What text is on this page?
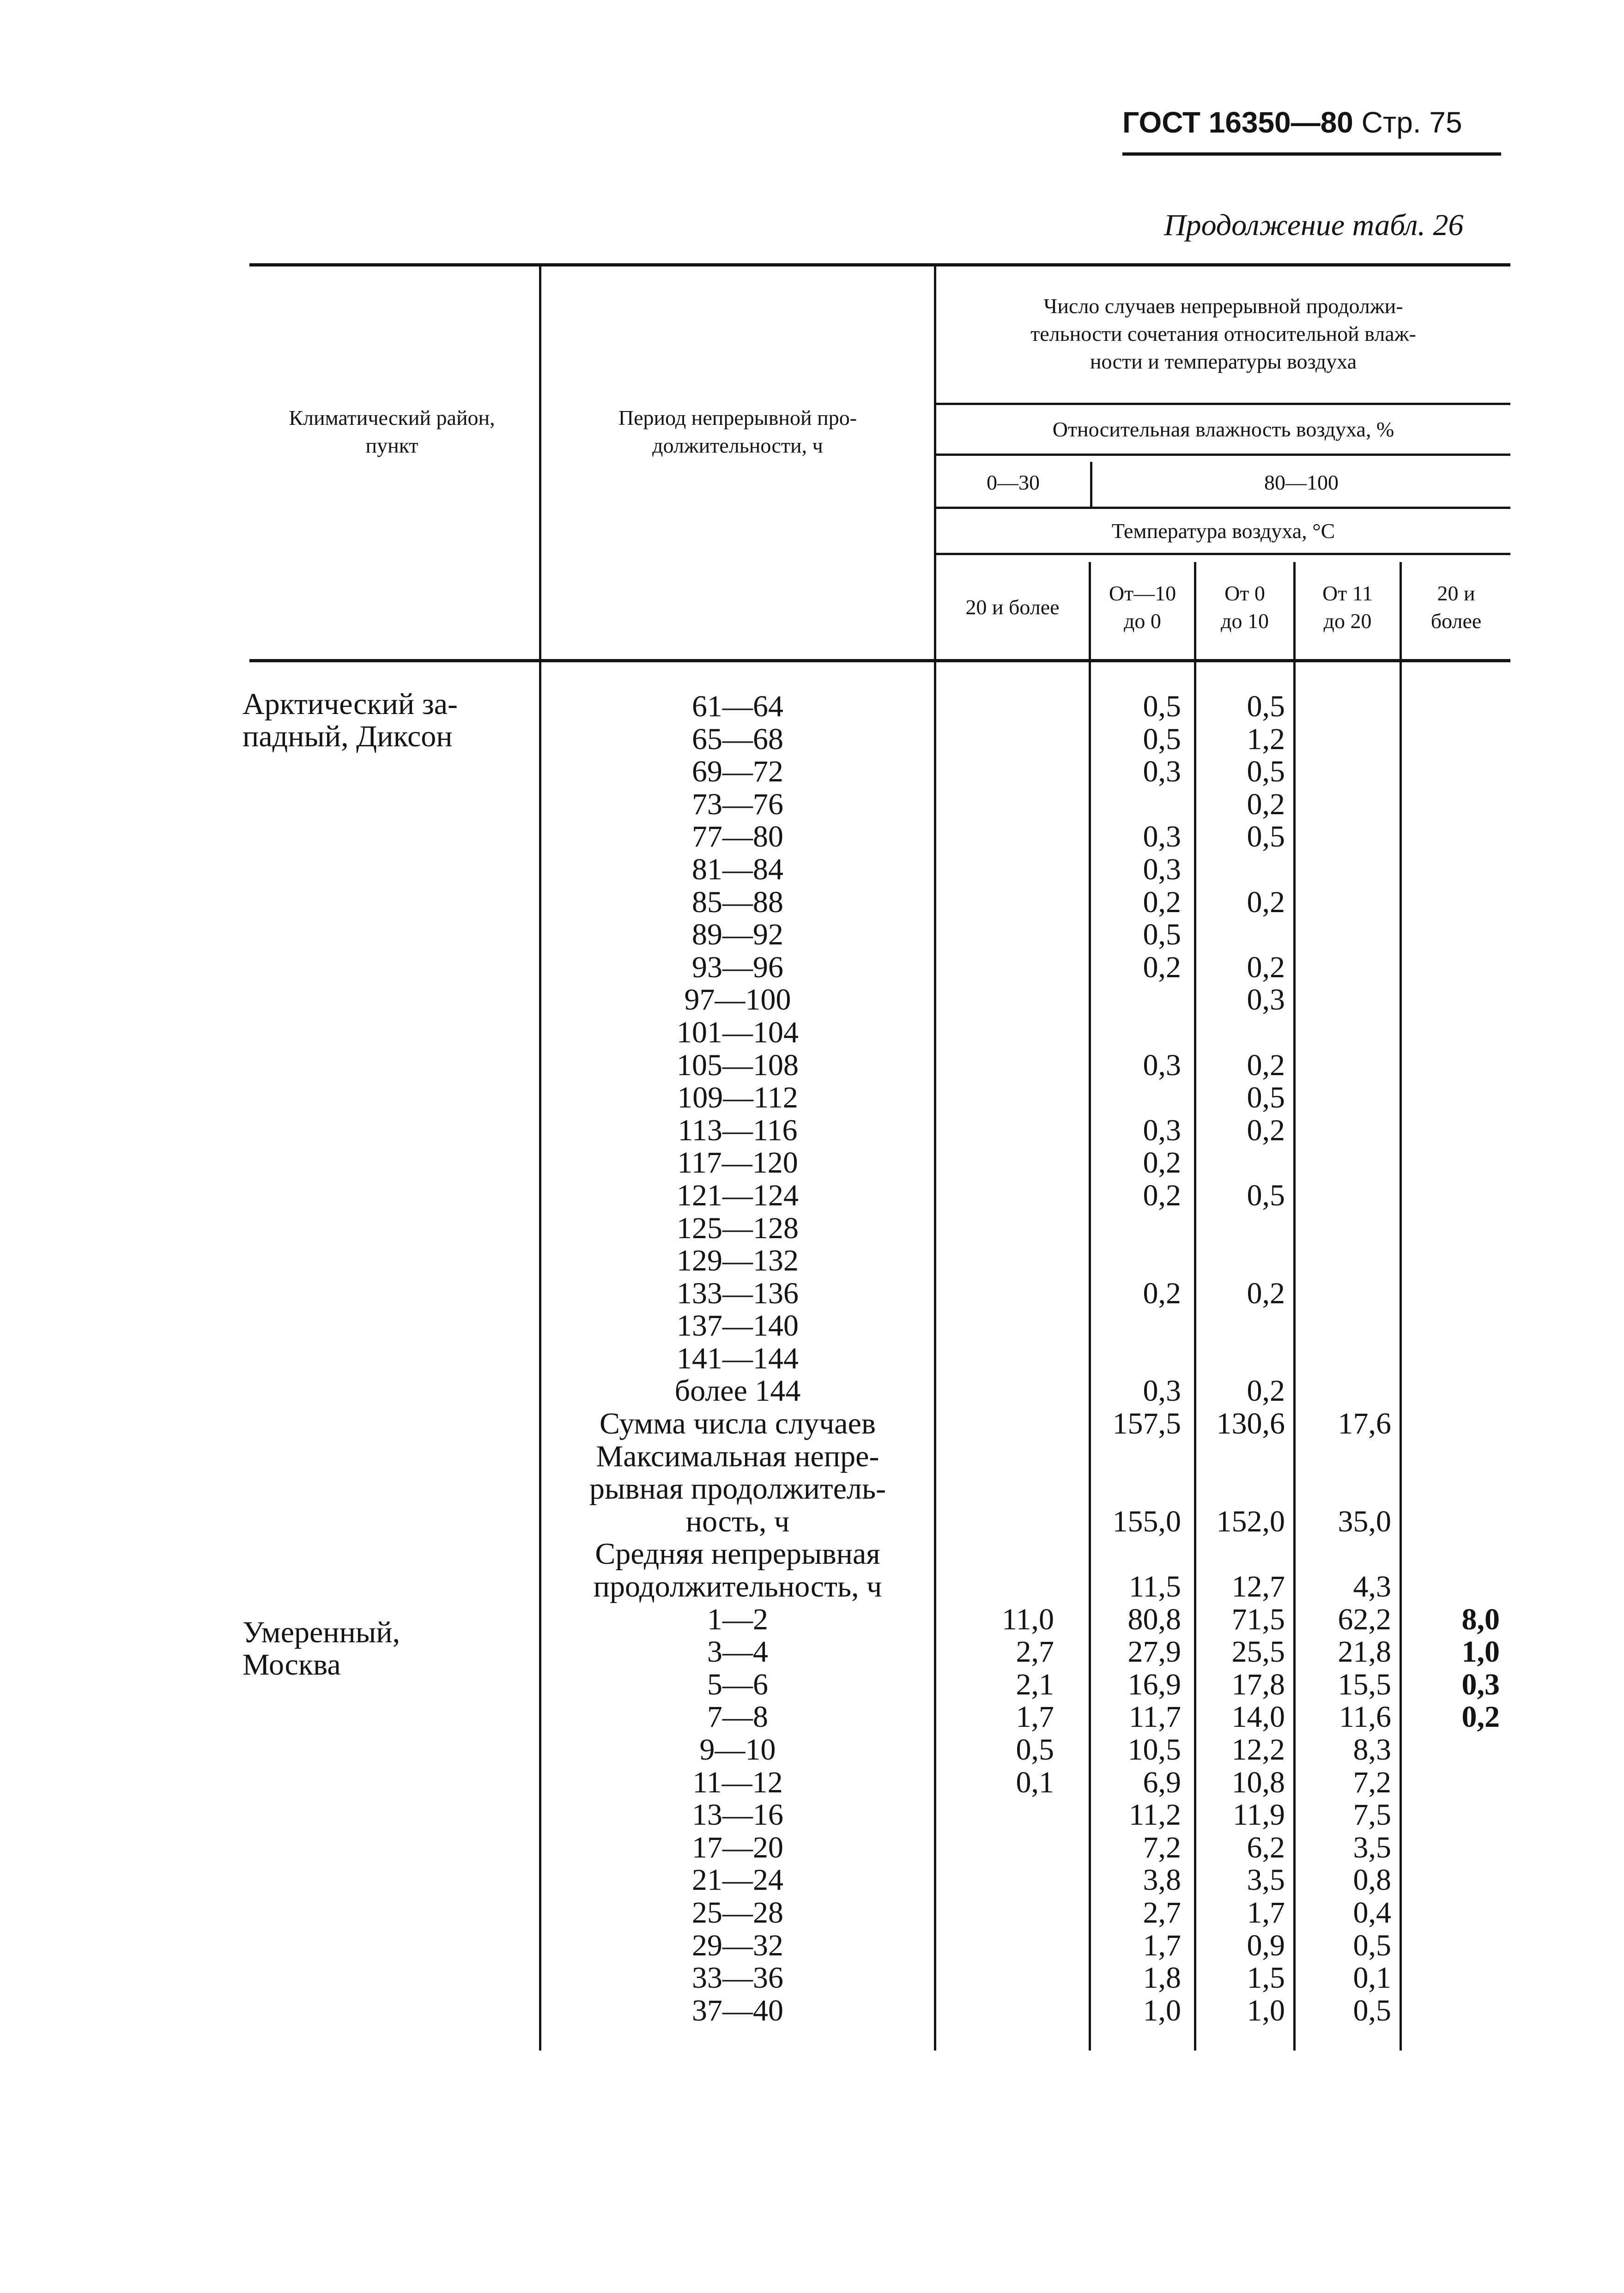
ГОСТ 16350—80 Стр. 75
Продолжение табл. 26
Климатический район,
пункт
Период непрерывной про-
должительности, ч
Число случаев непрерывной продолжи-
тельности сочетания относительной влаж-
ности и температуры воздуха
Относительная влажность воздуха, %
0—30	80—100
Температура воздуха, °С
20 и более
От—10
до 0
От 0
до 10
От 11
до 20
20 и
более
Арктический за-
падный, Диксон
Умеренный,
Москва
61—64
65—68
69—72
73—76
77—80
81—84
85—88
89—92
93—96
97—100
101—104
105—108
109—112
113—116
117—120
121—124
125—128
129—132
133—136
137—140
141—144
более 144
Сумма числа случаев
Максимальная непре-
рывная продолжитель-
ность, ч
Средняя непрерывная
продолжительность, ч
1—2
3—4
5—6
7—8
9—10
11—12
13—16
17—20
21—24
25—28
29—32
33—36
37—40
11,0
2,7
2,1
1,7
0,5
0,1
0,5
0,5
0,3
0,3
0,3
0,2
0,5
0,2
0,3
0,3
0,2
0,2
0,2
0,3
157,5
155,0
11,5
80,8
27,9
16,9
11,7
10,5
6,9
11,2
7,2
3,8
2,7
1,7
1,8
1,0
0,5
1,2
0,5
0,2
0,5
0,2
0,2
0,3
0,2
0,5
0,2
0,5
0,2
0,2
130,6
152,0
12,7
71,5
25,5
17,8
14,0
12,2
10,8
11,9
6,2
3,5
1,7
0,9
1,5
1,0
17,6
35,0
4,3
62,2
21,8
15,5
11,6
8,3
7,2
7,5
3,5
0,8
0,4
0,5
0,1
0,5
8,0
1,0
0,3
0,2
